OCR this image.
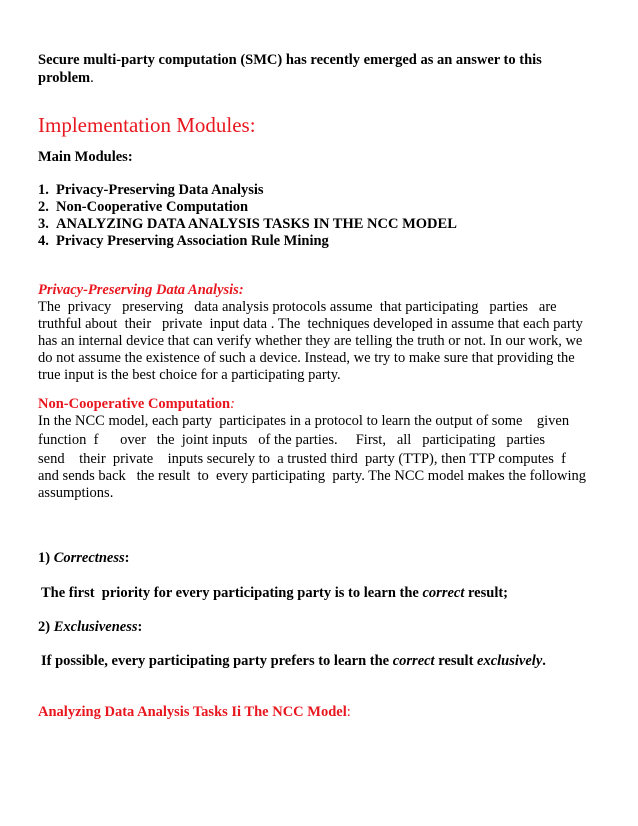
Secure multi-party computation (SMC) has recently emerged as an answer to this
problem.
Implementation Modules:
Main Modules:
1. Privacy-Preserving Data Analysis
2. Non-Cooperative Computation
3. ANALYZING DATA ANALYSIS TASKS IN THE NCC MODEL
4. Privacy Preserving Association Rule Mining
Privacy-Preserving Data Analysis:
The  privacy   preserving   data analysis protocols assume  that participating   parties   are
truthful about  their   private  input data . The  techniques developed in assume that each party
has an internal device that can verify whether they are telling the truth or not. In our work, we
do not assume the existence of such a device. Instead, we try to make sure that providing the
true input is the best choice for a participating party.
Non-Cooperative Computation:
In the NCC model, each party  participates in a protocol to learn the output of some    given
function  f      over   the  joint inputs   of the parties.     First,   all   participating   parties
send    their  private    inputs securely to  a trusted third  party (TTP), then TTP computes  f
and sends back   the result  to  every participating  party. The NCC model makes the following
assumptions.
1) Correctness:
The first  priority for every participating party is to learn the correct result;
2) Exclusiveness:
If possible, every participating party prefers to learn the correct result exclusively.
Analyzing Data Analysis Tasks Ii The NCC Model:
